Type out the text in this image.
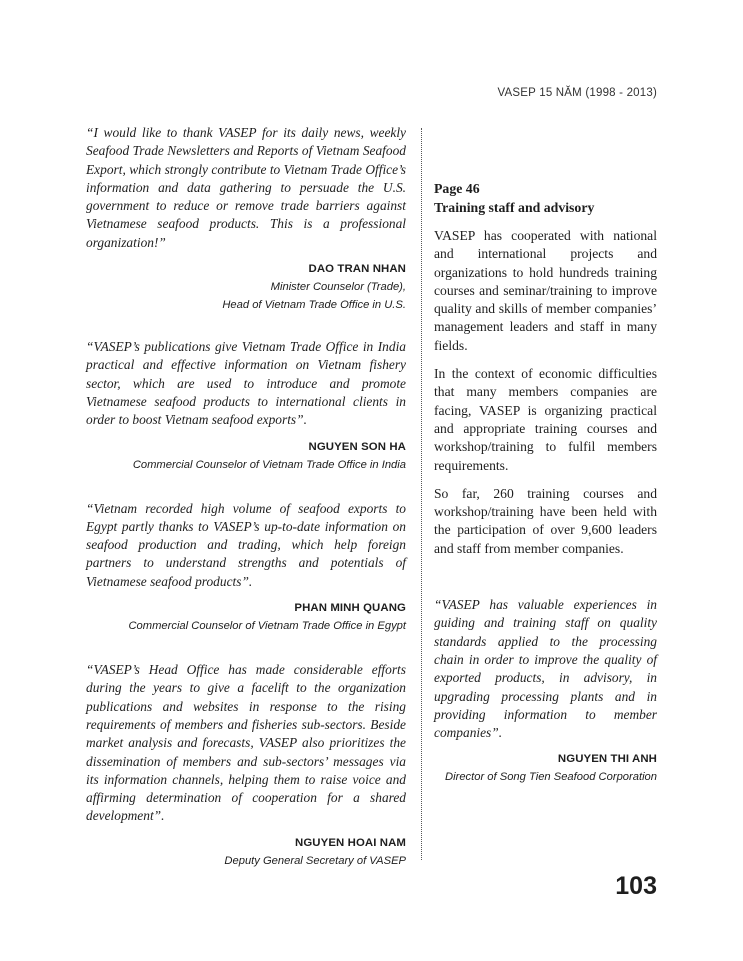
VASEP 15 NĂM (1998 - 2013)

“I would like to thank VASEP for its daily news, weekly Seafood Trade Newsletters and Reports of Vietnam Seafood Export, which strongly contribute to Vietnam Trade Office’s information and data gathering to persuade the U.S. government to reduce or remove trade barriers against Vietnamese seafood products. This is a professional organization!”

DAO TRAN NHAN
Minister Counselor (Trade),
Head of Vietnam Trade Office in U.S.

“VASEP’s publications give Vietnam Trade Office in India practical and effective information on Vietnam fishery sector, which are used to introduce and promote Vietnamese seafood products to international clients in order to boost Vietnam seafood exports”.

NGUYEN SON HA
Commercial Counselor of Vietnam Trade Office in India

“Vietnam recorded high volume of seafood exports to Egypt partly thanks to VASEP’s up-to-date information on seafood production and trading, which help foreign partners to understand strengths and potentials of Vietnamese seafood products”.

PHAN MINH QUANG
Commercial Counselor of Vietnam Trade Office in Egypt

“VASEP’s Head Office has made considerable efforts during the years to give a facelift to the organization publications and websites in response to the rising requirements of members and fisheries sub-sectors. Beside market analysis and forecasts, VASEP also prioritizes the dissemination of members and sub-sectors’ messages via its information channels, helping them to raise voice and affirming determination of cooperation for a shared development”.

NGUYEN HOAI NAM
Deputy General Secretary of VASEP
Page 46
Training staff and advisory

VASEP has cooperated with national and international projects and organizations to hold hundreds training courses and seminar/training to improve quality and skills of member companies’ management leaders and staff in many fields.

In the context of economic difficulties that many members companies are facing, VASEP is organizing practical and appropriate training courses and workshop/training to fulfil members requirements.

So far, 260 training courses and workshop/training have been held with the participation of over 9,600 leaders and staff from member companies.

“VASEP has valuable experiences in guiding and training staff on quality standards applied to the processing chain in order to improve the quality of exported products, in advisory, in upgrading processing plants and in providing information to member companies”.

NGUYEN THI ANH
Director of Song Tien Seafood Corporation
103
